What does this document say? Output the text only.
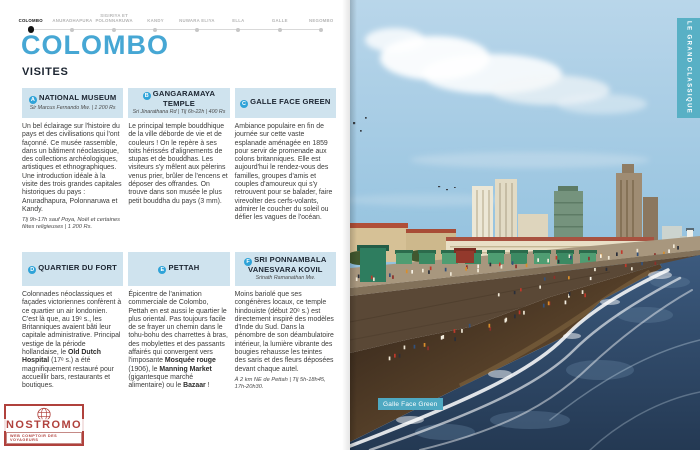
COLOMBO ANURADHAPURA
SIGIRIYA ET POLONNARUWA	KANDY	NUWARA ELIYA	ELLA	GALLE	NEGOMBO
COLOMBO
VISITES
A NATIONAL MUSEUM
Sir Marcus Fernando Mw. | 1 200 Rs

Un bel éclairage sur l'histoire du pays et des civilisations qui l'ont façonné. Ce musée rassemble, dans un bâtiment néoclassique, des collections archéologiques, artistiques et ethnographiques. Une introduction idéale à la visite des trois grandes capitales historiques du pays : Anuradhapura, Polonnaruwa et Kandy.

Tlj 9h-17h sauf Poya, Noël et certaines fêtes religieuses | 1 200 Rs.
B GANGARAMAYA TEMPLE
Sri Jinarathana Rd | Tlj 6h-22h | 400 Rs

Le principal temple bouddhique de la ville déborde de vie et de couleurs ! On le repère à ses toits hérissés d'alignements de stupas et de bouddhas. Les visiteurs s'y mêlent aux pèlerins venus prier, brûler de l'encens et déposer des offrandes. On trouve dans son musée le plus petit bouddha du pays (3 mm).

C GALLE FACE GREEN

Ambiance populaire en fin de journée sur cette vaste esplanade aménagée en 1859 pour servir de promenade aux colons britanniques. Elle est aujourd'hui le rendez-vous des familles, groupes d'amis et couples d'amoureux qui s'y retrouvent pour se balader, faire virevolter des cerfs-volants, admirer le coucher du soleil ou défier les vagues de l'océan.

D QUARTIER DU FORT

Colonnades néoclassiques et façades victoriennes confèrent à ce quartier un air londonien. C'est là que, au 19ᵉ s., les Britanniques avaient bâti leur capitale administrative. Principal vestige de la période hollandaise, le Old Dutch Hospital (17ᵉ s.) a été magnifiquement restauré pour accueillir bars, restaurants et boutiques.

E PETTAH

Épicentre de l'animation commerciale de Colombo, Pettah en est aussi le quartier le plus oriental. Pas toujours facile de se frayer un chemin dans le tohu-bohu des charrettes à bras, des mobylettes et des passants affairés qui convergent vers l'imposante Mosquée rouge (1906), le Manning Market (gigantesque marché alimentaire) ou le Bazaar !

F SRI PONNAMBALA VANESVARA KOVIL
Srinath Ramanathan Mw.

Moins bariolé que ses congénères locaux, ce temple hindouiste (début 20ᵉ s.) est directement inspiré des modèles d'Inde du Sud. Dans la pénombre de son déambulatoire intérieur, la lumière vibrante des bougies rehausse les teintes des saris et des fleurs déposées devant chaque autel.

À 2 km NE de Pettah | Tlj 5h-18h45, 17h-20h30.
NOSTROMO
WEB COMPTOIR DES VOYAGEURS
Galle Face Green
LE GRAND CLASSIQUE
